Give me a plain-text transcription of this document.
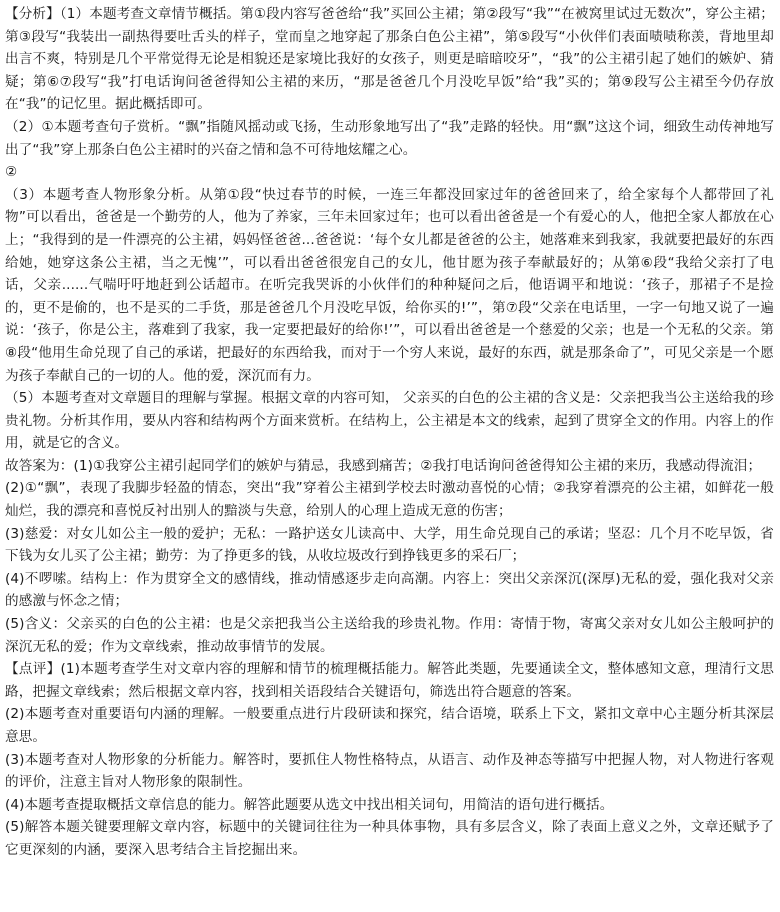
【分析】（1）本题考查文章情节概括。第①段内容写爸爸给“我”买回公主裙；第②段写“我”“在被窝里试过无数次”，穿公主裙；第③段写“我装出一副热得要吐舌头的样子，堂而皇之地穿起了那条白色公主裙”，第⑤段写“小伙伴们表面啧啧称羡，背地里却出言不爽，特别是几个平常觉得无论是相貌还是家境比我好的女孩子，则更是暗暗咬牙”，“我”的公主裙引起了她们的嫉妒、猜疑；第⑥⑦段写“我”打电话询问爸爸得知公主裙的来历，“那是爸爸几个月没吃早饭”给“我”买的；第⑨段写公主裙至今仍存放在“我”的记忆里。据此概括即可。

（2）①本题考查句子赏析。“飘”指随风摇动或飞扬，生动形象地写出了“我”走路的轻快。用“飘”这这个词，细致生动传神地写出了“我”穿上那条白色公主裙时的兴奋之情和急不可待地炫耀之心。

②

（3）本题考查人物形象分析。从第①段“快过春节的时候，一连三年都没回家过年的爸爸回来了，给全家每个人都带回了礼物”可以看出，爸爸是一个勤劳的人，他为了养家，三年未回家过年；也可以看出爸爸是一个有爱心的人，他把全家人都放在心上；“我得到的是一件漂亮的公主裙，妈妈怪爸爸...爸爸说：‘每个女儿都是爸爸的公主，她落难来到我家，我就要把最好的东西给她，她穿这条公主裙，当之无愧’”，可以看出爸爸很宠自己的女儿，他甘愿为孩子奉献最好的；从第⑥段“我给父亲打了电话，父亲......气喘吁吁地赶到公话超市。在听完我哭诉的小伙伴们的种种疑问之后，他语调平和地说：‘孩子，那裙子不是捡的，更不是偷的，也不是买的二手货，那是爸爸几个月没吃早饭，给你买的!’”，第⑦段“父亲在电话里，一字一句地又说了一遍说：‘孩子，你是公主，落难到了我家，我一定要把最好的给你!’”，可以看出爸爸是一个慈爱的父亲；也是一个无私的父亲。第⑧段“他用生命兑现了自己的承诺，把最好的东西给我，而对于一个穷人来说，最好的东西，就是那条命了”，可见父亲是一个愿为孩子奉献自己的一切的人。他的爱，深沉而有力。

（5）本题考查对文章题目的理解与掌握。根据文章的内容可知， 父亲买的白色的公主裙的含义是：父亲把我当公主送给我的珍贵礼物。分析其作用，要从内容和结构两个方面来赏析。在结构上，公主裙是本文的线索，起到了贯穿全文的作用。内容上的作用，就是它的含义。

故答案为：(1)①我穿公主裙引起同学们的嫉妒与猜忌，我感到痛苦；②我打电话询问爸爸得知公主裙的来历，我感动得流泪；

(2)①“飘”，表现了我脚步轻盈的情态，突出“我”穿着公主裙到学校去时激动喜悦的心情；②我穿着漂亮的公主裙，如鲜花一般灿烂，我的漂亮和喜悦反衬出别人的黯淡与失意，给别人的心理上造成无意的伤害；

(3)慈爱：对女儿如公主一般的爱护；无私：一路护送女儿读高中、大学，用生命兑现自己的承诺；坚忍：几个月不吃早饭，省下钱为女儿买了公主裙；勤劳：为了挣更多的钱，从收垃圾改行到挣钱更多的采石厂；

(4)不啰嗦。结构上：作为贯穿全文的感情线，推动情感逐步走向高潮。内容上：突出父亲深沉(深厚)无私的爱，强化我对父亲的感激与怀念之情；

(5)含义：父亲买的白色的公主裙：也是父亲把我当公主送给我的珍贵礼物。作用：寄情于物，寄寓父亲对女儿如公主般呵护的深沉无私的爱；作为文章线索，推动故事情节的发展。

【点评】(1)本题考查学生对文章内容的理解和情节的梳理概括能力。解答此类题，先要通读全文，整体感知文意，理清行文思路，把握文章线索；然后根据文章内容，找到相关语段结合关键语句，筛选出符合题意的答案。

(2)本题考查对重要语句内涵的理解。一般要重点进行片段研读和探究，结合语境，联系上下文，紧扣文章中心主题分析其深层意思。

(3)本题考查对人物形象的分析能力。解答时，要抓住人物性格特点，从语言、动作及神态等描写中把握人物，对人物进行客观的评价，注意主旨对人物形象的限制性。

(4)本题考查提取概括文章信息的能力。解答此题要从选文中找出相关词句，用简洁的语句进行概括。

(5)解答本题关键要理解文章内容，标题中的关键词往往为一种具体事物，具有多层含义，除了表面上意义之外，文章还赋予了它更深刻的内涵，要深入思考结合主旨挖掘出来。
